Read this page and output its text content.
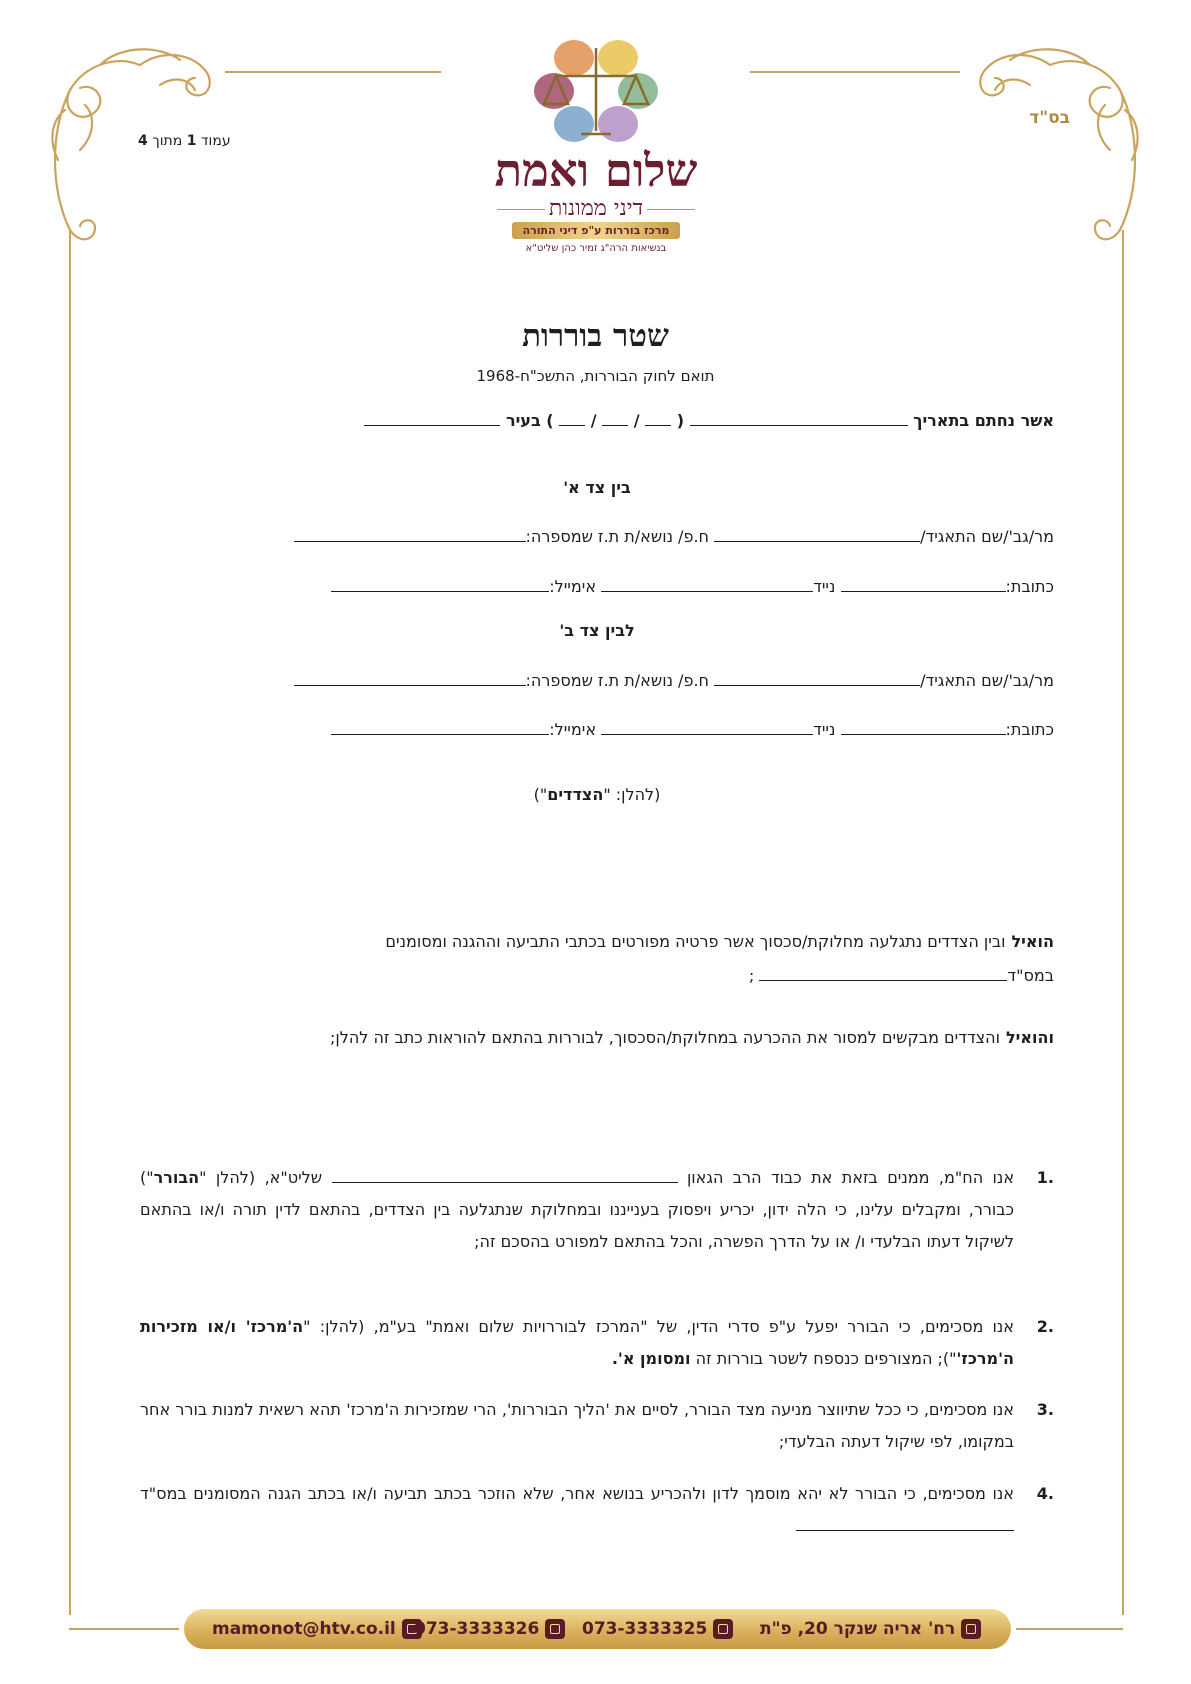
עמוד 1 מתוך 4
בס"ד
שלום ואמת
דיני ממונות
מרכז בוררות ע"פ דיני התורה
בנשיאות הרה"ג זמיר כהן שליט"א
שטר בוררות
תואם לחוק הבוררות, התשכ"ח-1968
אשר נחתם בתאריך  (  /  /  ) בעיר
בין צד א'
מר/גב'/שם התאגיד/ ח.פ/ נושא/ת ת.ז שמספרה:
כתובת: נייד אימייל:
לבין צד ב'
מר/גב'/שם התאגיד/ ח.פ/ נושא/ת ת.ז שמספרה:
כתובת: נייד אימייל:
(להלן: "הצדדים")
הואילובין הצדדים נתגלעה מחלוקת/סכסוך אשר פרטיה מפורטים בכתבי התביעה וההגנה ומסומנים
במס"ד ;
והואילוהצדדים מבקשים למסור את ההכרעה במחלוקת/הסכסוך, לבוררות בהתאם להוראות כתב זה להלן;
.1
אנו הח"מ, ממנים בזאת את כבוד הרב הגאון  שליט"א, (להלן "הבורר") כבורר, ומקבלים עלינו, כי הלה ידון, יכריע ויפסוק בענייננו ובמחלוקת שנתגלעה בין הצדדים, בהתאם לדין תורה ו/או בהתאם לשיקול דעתו הבלעדי ו/ או על הדרך הפשרה, והכל בהתאם למפורט בהסכם זה;
.2
אנו מסכימים, כי הבורר יפעל ע"פ סדרי הדין, של "המרכז לבוררויות שלום ואמת" בע"מ, (להלן: "ה'מרכז' ו/או מזכירות ה'מרכז'"); המצורפים כנספח לשטר בוררות זה ומסומן א'.
.3
אנו מסכימים, כי ככל שתיווצר מניעה מצד הבורר, לסיים את 'הליך הבוררות', הרי שמזכירות ה'מרכז' תהא רשאית למנות בורר אחר במקומו, לפי שיקול דעתה הבלעדי;
.4
אנו מסכימים, כי הבורר לא יהא מוסמך לדון ולהכריע בנושא אחר, שלא הוזכר בכתב תביעה ו/או בכתב הגנה המסומנים במס"ד
mamonot@htv.co.il	073-3333326	073-3333325	רח' אריה שנקר 20, פ"ת
